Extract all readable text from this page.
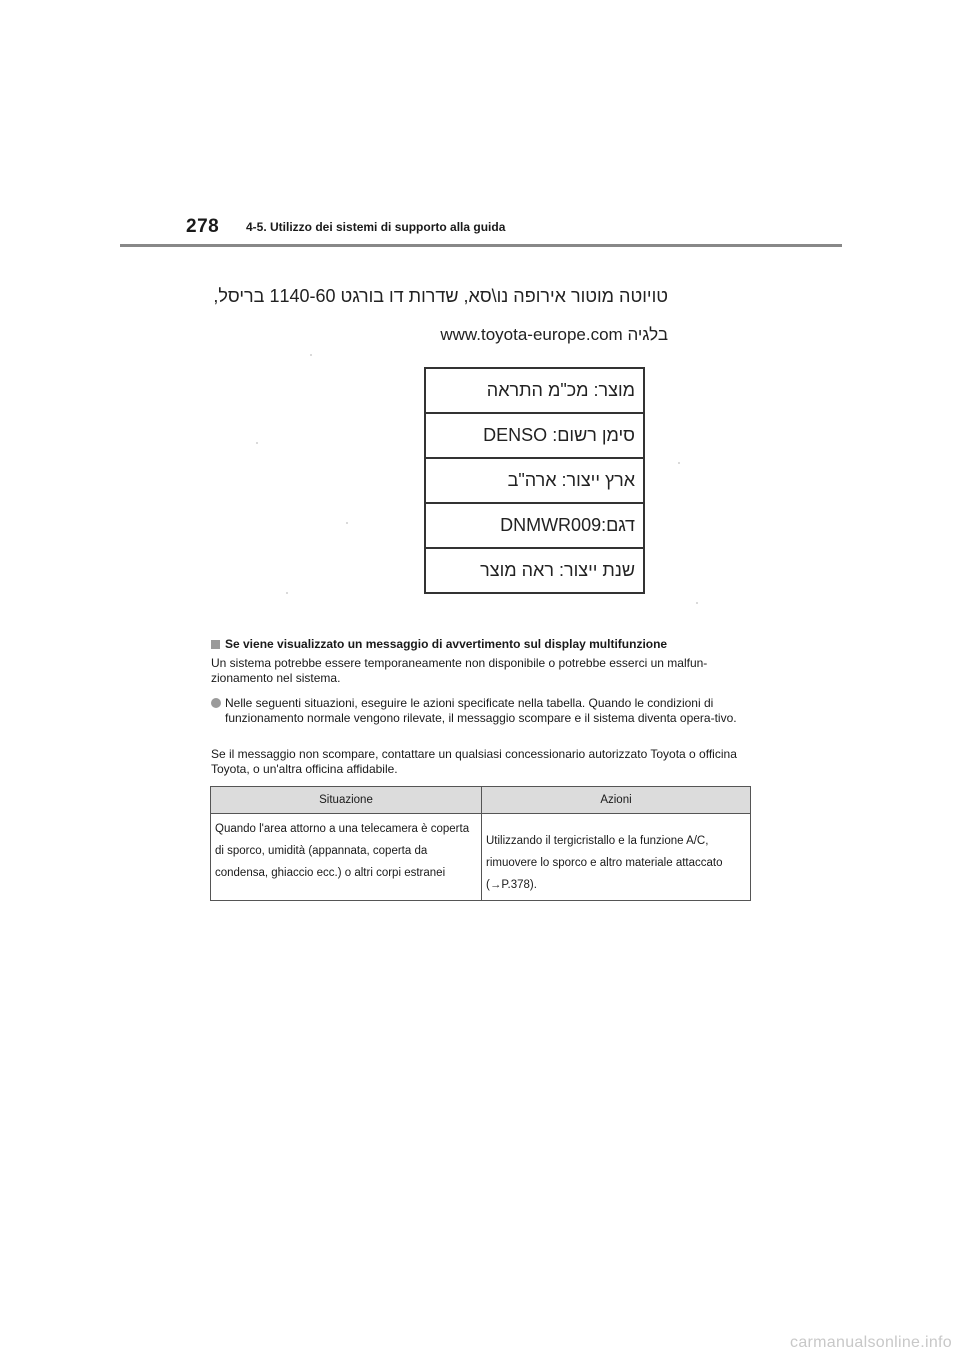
278 4-5. Utilizzo dei sistemi di supporto alla guida
טויוטה מוטור אירופה נו\סא, שדרות דו בורגט 1140-60 בריסל,
בלגיה www.toyota-europe.com
מוצר: מכ"מ התראה
סימן רשום: DENSO
ארץ ייצור: ארה"ב
דגם:DNMWR009
שנת ייצור: ראה מוצר
Se viene visualizzato un messaggio di avvertimento sul display multifunzione
Un sistema potrebbe essere temporaneamente non disponibile o potrebbe esserci un malfun-zionamento nel sistema.
Nelle seguenti situazioni, eseguire le azioni specificate nella tabella. Quando le condizioni di funzionamento normale vengono rilevate, il messaggio scompare e il sistema diventa opera-tivo.
Se il messaggio non scompare, contattare un qualsiasi concessionario autorizzato Toyota o officina Toyota, o un'altra officina affidabile.
Situazione	Azioni
Quando l'area attorno a una telecamera è coperta di sporco, umidità (appannata, coperta da condensa, ghiaccio ecc.) o altri corpi estranei	Utilizzando il tergicristallo e la funzione A/C, rimuovere lo sporco e altro materiale attaccato (→P.378).
carmanualsonline.info
